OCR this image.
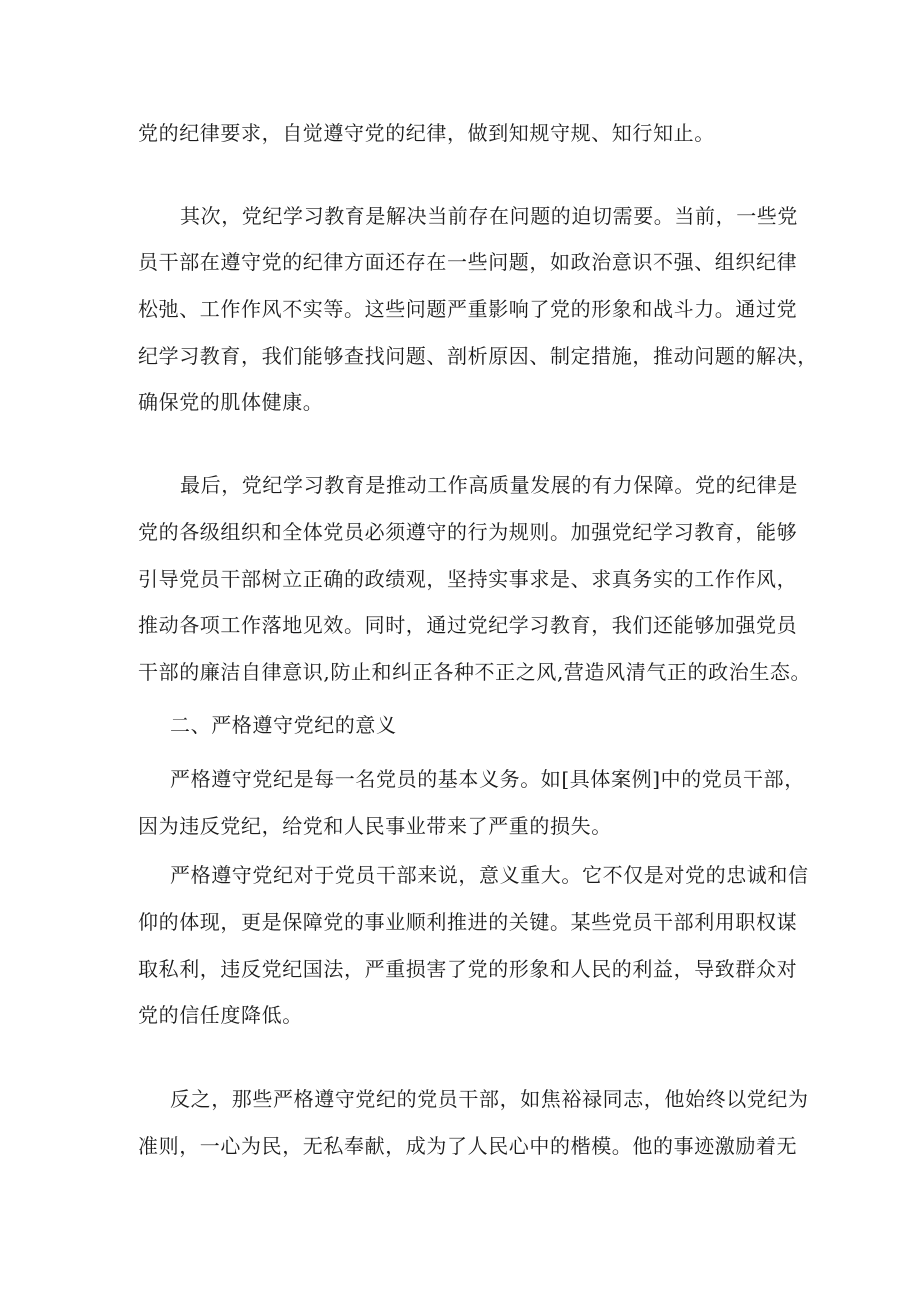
党的纪律要求，自觉遵守党的纪律，做到知规守规、知行知止。
其次，党纪学习教育是解决当前存在问题的迫切需要。当前，一些党
员干部在遵守党的纪律方面还存在一些问题，如政治意识不强、组织纪律
松弛、工作作风不实等。这些问题严重影响了党的形象和战斗力。通过党
纪学习教育，我们能够查找问题、剖析原因、制定措施，推动问题的解决，
确保党的肌体健康。
最后，党纪学习教育是推动工作高质量发展的有力保障。党的纪律是
党的各级组织和全体党员必须遵守的行为规则。加强党纪学习教育，能够
引导党员干部树立正确的政绩观，坚持实事求是、求真务实的工作作风，
推动各项工作落地见效。同时，通过党纪学习教育，我们还能够加强党员
干部的廉洁自律意识,防止和纠正各种不正之风,营造风清气正的政治生态。
二、严格遵守党纪的意义
严格遵守党纪是每一名党员的基本义务。如[具体案例]中的党员干部，
因为违反党纪，给党和人民事业带来了严重的损失。
严格遵守党纪对于党员干部来说，意义重大。它不仅是对党的忠诚和信
仰的体现，更是保障党的事业顺利推进的关键。某些党员干部利用职权谋
取私利，违反党纪国法，严重损害了党的形象和人民的利益，导致群众对
党的信任度降低。
反之，那些严格遵守党纪的党员干部，如焦裕禄同志，他始终以党纪为
准则，一心为民，无私奉献，成为了人民心中的楷模。他的事迹激励着无
